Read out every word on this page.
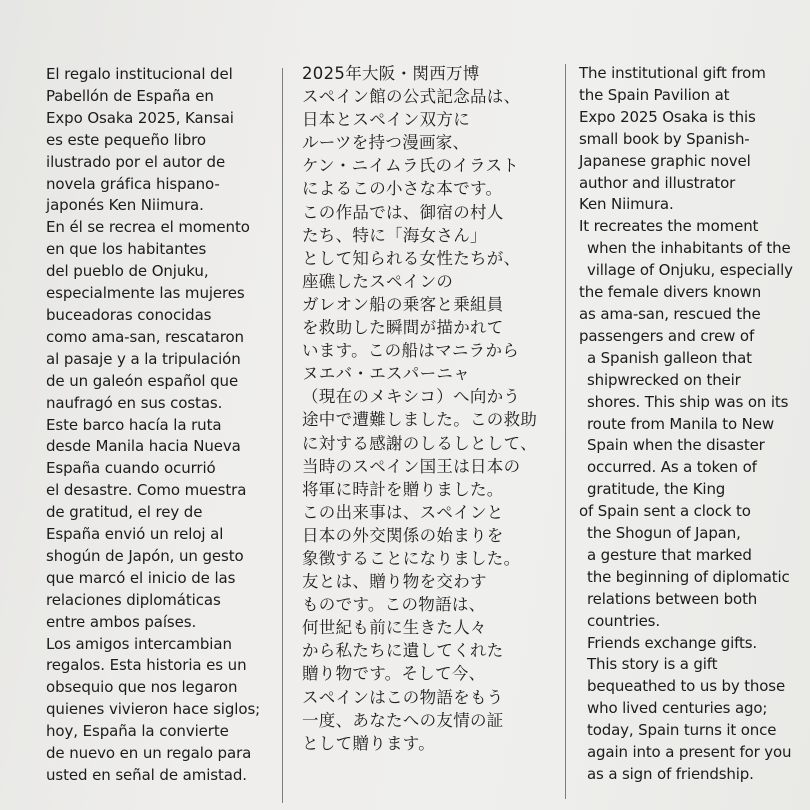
El regalo institucional del
Pabellón de España en
Expo Osaka 2025, Kansai
es este pequeño libro
ilustrado por el autor de
novela gráfica hispano-
japonés Ken Niimura.
En él se recrea el momento
en que los habitantes
del pueblo de Onjuku,
especialmente las mujeres
buceadoras conocidas
como ama-san, rescataron
al pasaje y a la tripulación
de un galeón español que
naufragó en sus costas.
Este barco hacía la ruta
desde Manila hacia Nueva
España cuando ocurrió
el desastre. Como muestra
de gratitud, el rey de
España envió un reloj al
shogún de Japón, un gesto
que marcó el inicio de las
relaciones diplomáticas
entre ambos países.
Los amigos intercambian
regalos. Esta historia es un
obsequio que nos legaron
quienes vivieron hace siglos;
hoy, España la convierte
de nuevo en un regalo para
usted en señal de amistad.

2025年大阪・関西万博
スペイン館の公式記念品は、
日本とスペイン双方に
ルーツを持つ漫画家、
ケン・ニイムラ氏のイラスト
によるこの小さな本です。
この作品では、御宿の村人
たち、特に「海女さん」
として知られる女性たちが、
座礁したスペインの
ガレオン船の乗客と乗組員
を救助した瞬間が描かれて
います。この船はマニラから
ヌエバ・エスパーニャ
（現在のメキシコ）へ向かう
途中で遭難しました。この救助
に対する感謝のしるしとして、
当時のスペイン国王は日本の
将軍に時計を贈りました。
この出来事は、スペインと
日本の外交関係の始まりを
象徴することになりました。
友とは、贈り物を交わす
ものです。この物語は、
何世紀も前に生きた人々
から私たちに遺してくれた
贈り物です。そして今、
スペインはこの物語をもう
一度、あなたへの友情の証
として贈ります。

The institutional gift from
the Spain Pavilion at
Expo 2025 Osaka is this
small book by Spanish-
Japanese graphic novel
author and illustrator
Ken Niimura.
It recreates the moment
when the inhabitants of the
village of Onjuku, especially
the female divers known
as ama-san, rescued the
passengers and crew of
a Spanish galleon that
shipwrecked on their
shores. This ship was on its
route from Manila to New
Spain when the disaster
occurred. As a token of
gratitude, the King
of Spain sent a clock to
the Shogun of Japan,
a gesture that marked
the beginning of diplomatic
relations between both
countries.
Friends exchange gifts.
This story is a gift
bequeathed to us by those
who lived centuries ago;
today, Spain turns it once
again into a present for you
as a sign of friendship.
